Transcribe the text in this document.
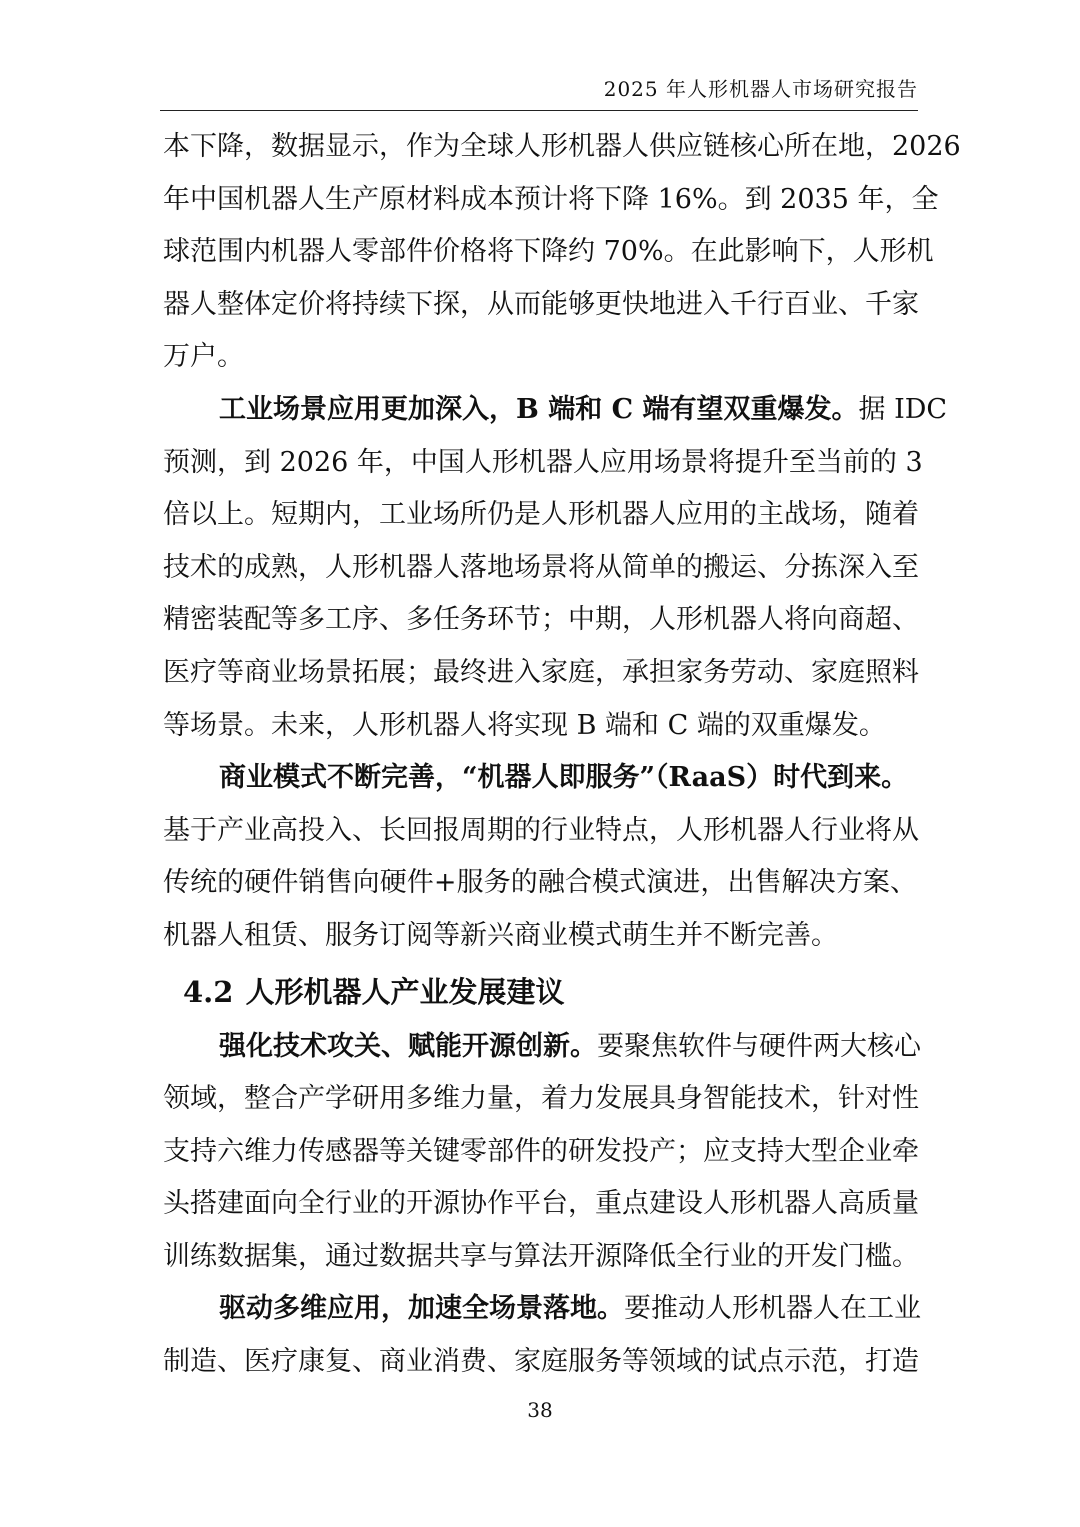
2025 年人形机器人市场研究报告
本下降，数据显示，作为全球人形机器人供应链核心所在地，2026
年中国机器人生产原材料成本预计将下降 16%。到 2035 年，全
球范围内机器人零部件价格将下降约 70%。在此影响下，人形机
器人整体定价将持续下探，从而能够更快地进入千行百业、千家
万户。
工业场景应用更加深入，B 端和 C 端有望双重爆发。据 IDC
预测，到 2026 年，中国人形机器人应用场景将提升至当前的 3
倍以上。短期内，工业场所仍是人形机器人应用的主战场，随着
技术的成熟，人形机器人落地场景将从简单的搬运、分拣深入至
精密装配等多工序、多任务环节；中期，人形机器人将向商超、
医疗等商业场景拓展；最终进入家庭，承担家务劳动、家庭照料
等场景。未来，人形机器人将实现 B 端和 C 端的双重爆发。
商业模式不断完善，“机器人即服务”（RaaS）时代到来。
基于产业高投入、长回报周期的行业特点，人形机器人行业将从
传统的硬件销售向硬件+服务的融合模式演进，出售解决方案、
机器人租赁、服务订阅等新兴商业模式萌生并不断完善。
4.2 人形机器人产业发展建议
强化技术攻关、赋能开源创新。要聚焦软件与硬件两大核心
领域，整合产学研用多维力量，着力发展具身智能技术，针对性
支持六维力传感器等关键零部件的研发投产；应支持大型企业牵
头搭建面向全行业的开源协作平台，重点建设人形机器人高质量
训练数据集，通过数据共享与算法开源降低全行业的开发门槛。
驱动多维应用，加速全场景落地。要推动人形机器人在工业
制造、医疗康复、商业消费、家庭服务等领域的试点示范，打造
38
